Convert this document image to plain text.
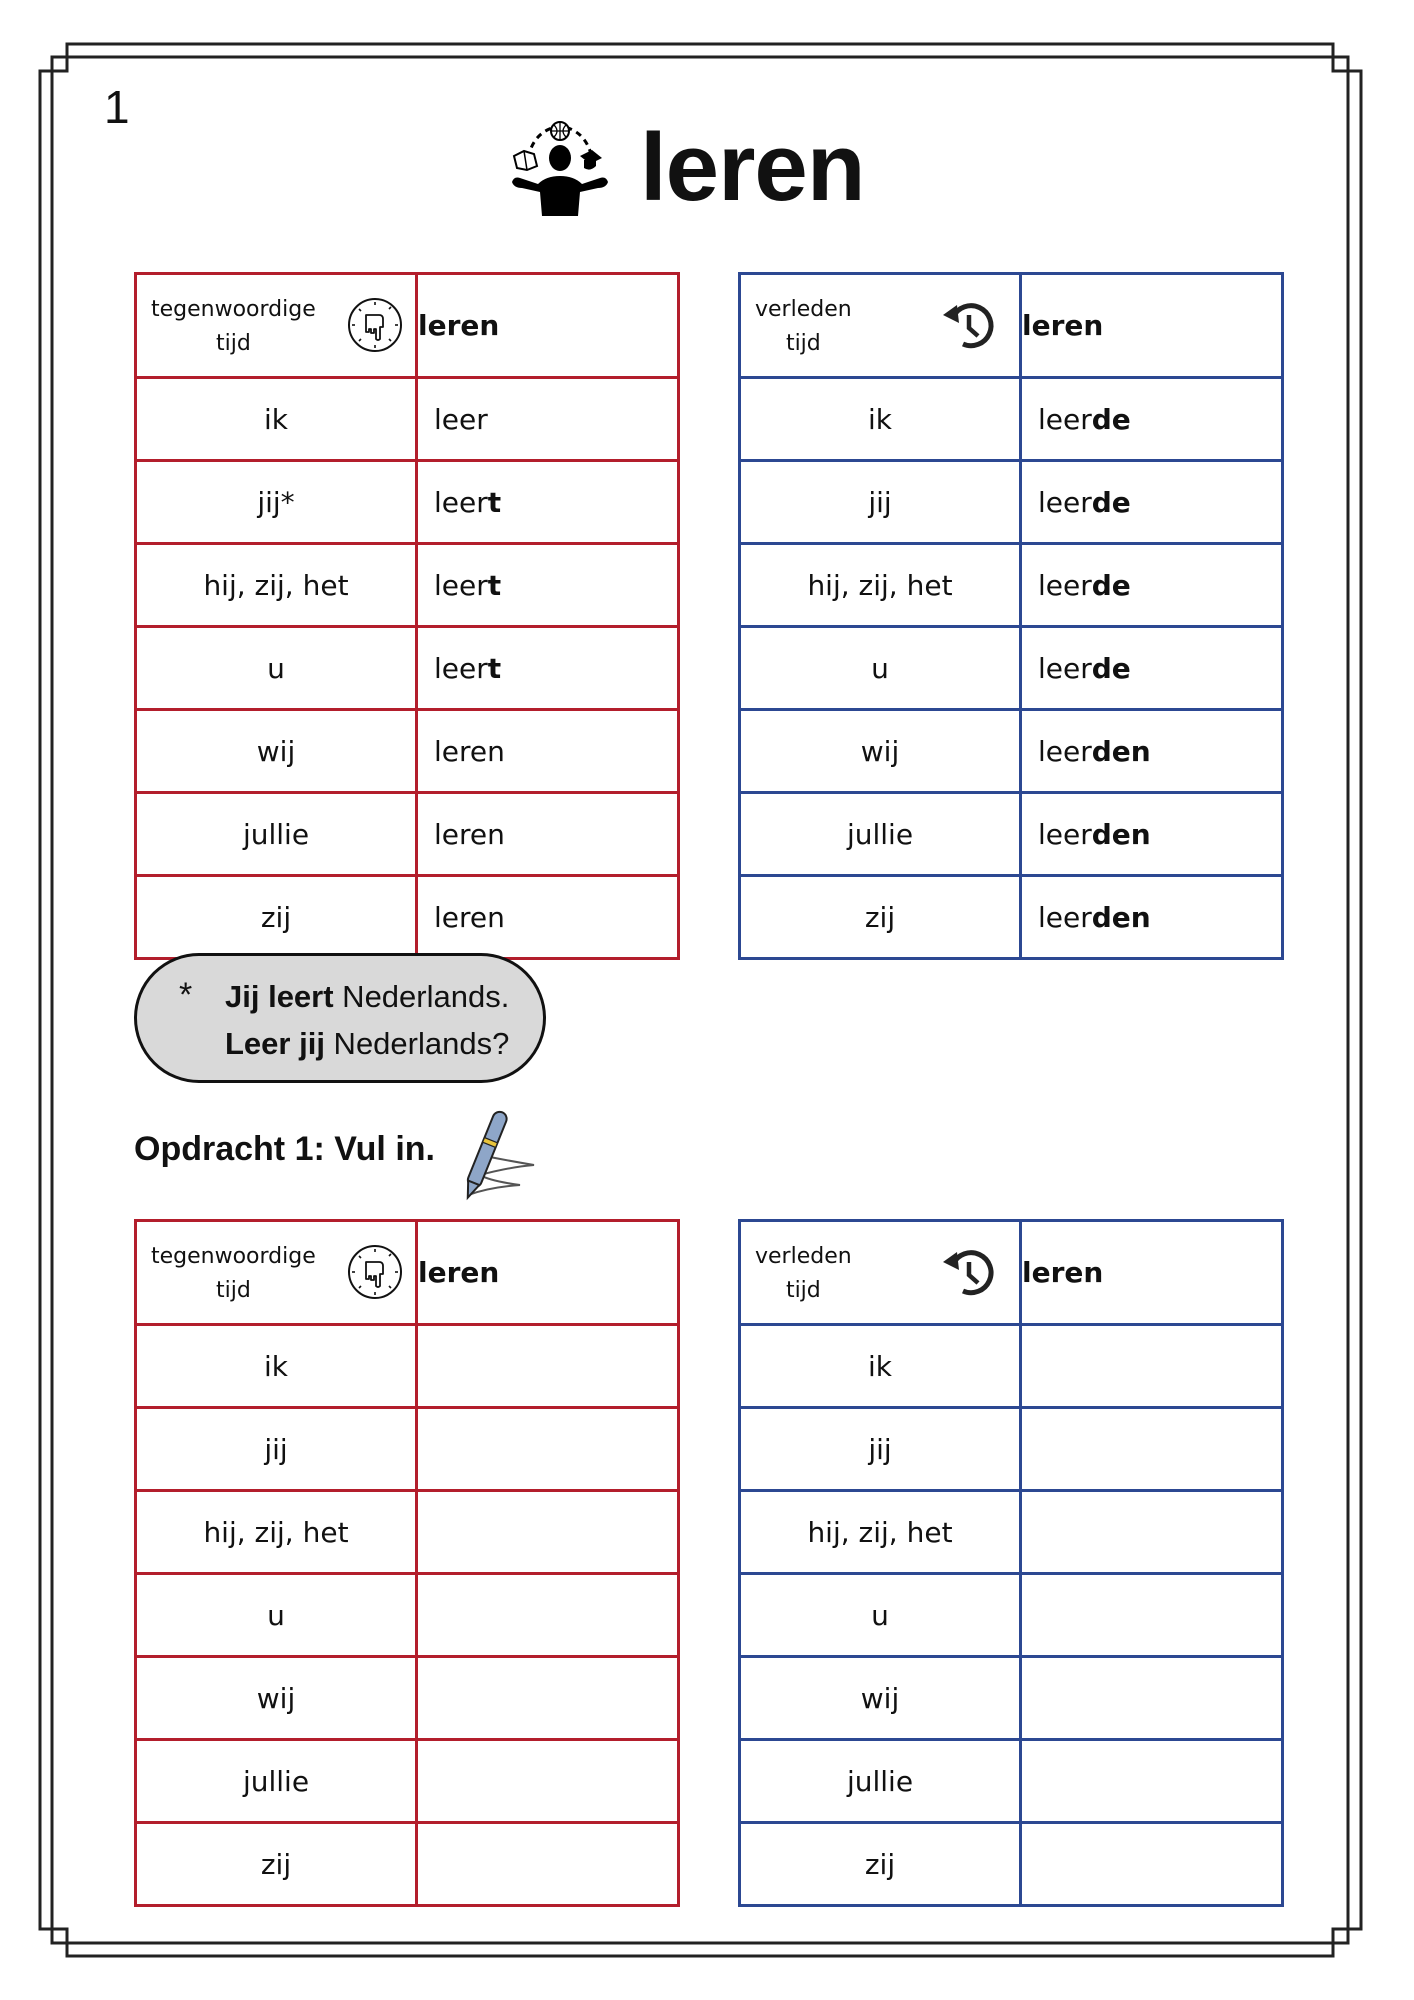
1
leren
tegenwoordige
tijd	leren
ik	leer
jij*	leert
hij, zij, het	leert
u	leert
wij	leren
jullie	leren
zij	leren
verleden
tijd	leren
ik	leerde
jij	leerde
hij, zij, het	leerde
u	leerde
wij	leerden
jullie	leerden
zij	leerden
* Jij leert Nederlands.
Leer jij Nederlands?
Opdracht 1: Vul in.
tegenwoordige
tijd	leren
ik	
jij	
hij, zij, het	
u	
wij	
jullie	
zij	
verleden
tijd	leren
ik	
jij	
hij, zij, het	
u	
wij	
jullie	
zij	
